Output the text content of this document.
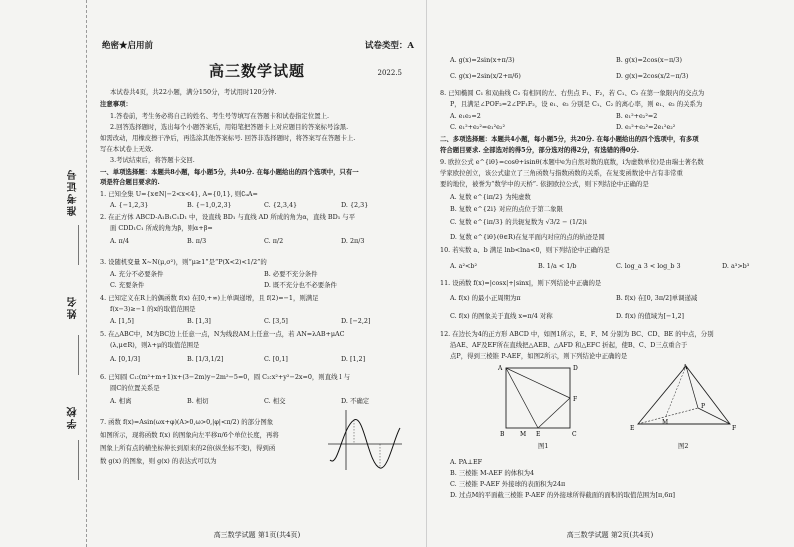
准考证号
姓名
学校
绝密★启用前	试卷类型：A
高三数学试题	2022.5
本试卷共4页，共22小题，满分150分，考试用时120分钟.
注意事项：
1.答卷前，考生务必将自己的姓名、考生号等填写在答题卡和试卷指定位置上.
2.回答选择题时，选出每个小题答案后，用铅笔把答题卡上对应题目的答案标号涂黑.
如需改动，用橡皮擦干净后，再选涂其他答案标号. 回答非选择题时，将答案写在答题卡上.
写在本试卷上无效.
3.考试结束后，将答题卡交回.
一、单项选择题：本题共8小题，每小题5分，共40分. 在每小题给出的四个选项中，只有一
项是符合题目要求的.
1. 已知全集 U={x∈N|−2<x<4}, A={0,1}, 则∁ᵤA=
A. {−1,2,3}	B. {−1,0,2,3}	C. {2,3,4}	D. {2,3}
2. 在正方体 ABCD-A₁B₁C₁D₁ 中，设直线 BD₁ 与直线 AD 所成的角为α，直线 BD₁ 与平
面 CDD₁C₁ 所成的角为β，则α+β=
A. π/4	B. π/3	C. π/2	D. 2π/3
3. 设随机变量 X~N(μ,σ²)，则“μ≥1”是“P(X<2)<1/2”的
A. 充分不必要条件	B. 必要不充分条件
C. 充要条件	D. 既不充分也不必要条件
4. 已知定义在R上的偶函数 f(x) 在[0,+∞)上单调递增，且 f(2)=−1，则满足
f(x−3)≥−1 的x的取值范围是
A. [1,5]	B. [1,3]	C. [3,5]	D. [−2,2]
5. 在△ABC中，M为BC边上任意一点，N为线段AM上任意一点，若 AN=λAB+μAC
(λ,μ∈R)，则λ+μ的取值范围是
A. [0,1/3]	B. [1/3,1/2]	C. [0,1]	D. [1,2]
6. 已知圆 C₁:(m²+m+1)x+(3−2m)y−2m²−5=0，圆 C₂:x²+y²−2x=0，则直线 l 与
圆C的位置关系是
A. 相离	B. 相切	C. 相交	D. 不确定
7. 函数 f(x)=Asin(ωx+φ)(A>0,ω>0,|φ|<π/2) 的部分图象
如图所示，现将函数 f(x) 的图象向左平移π/6个单位长度，再将
图象上所有点的横坐标伸长到原来的2倍(纵坐标不变)，得到函
数 g(x) 的图象，则 g(x) 的表达式可以为
高三数学试题 第1页(共4页)
A. g(x)=2sin(x+π/3)	B. g(x)=2cos(x−π/3)
C. g(x)=2sin(x/2+π/6)	D. g(x)=2cos(x/2−π/3)
8. 已知椭圆 C₁ 和双曲线 C₂ 有相同的左、右焦点 F₁、F₂，若 C₁、C₂ 在第一象限内的交点为
P，且满足∠POF₂=2∠PF₁F₂，设 e₁、e₂ 分别是 C₁、C₂ 的离心率，则 e₁、e₂ 的关系为
A. e₁e₂=2	B. e₁²+e₂²=2
C. e₁²+e₂²=e₁²e₂²	D. e₁²+e₂²=2e₁²e₂²
二、多项选择题：本题共4小题，每小题5分，共20分. 在每小题给出的四个选项中，有多项
符合题目要求. 全部选对的得5分，部分选对的得2分，有选错的得0分.
9. 欧拉公式 e^{iθ}=cosθ+isinθ(本题中e为自然对数的底数，i为虚数单位)是由瑞士著名数
学家欧拉创立，该公式建立了三角函数与指数函数的关系，在复变函数论中占有非常重
要的地位，被誉为“数学中的天桥”. 依据欧拉公式，则下列结论中正确的是
A. 复数 e^{iπ/2} 为纯虚数
B. 复数 e^{2i} 对应的点位于第二象限
C. 复数 e^{iπ/3} 的共轭复数为 √3/2 − (1/2)i
D. 复数 e^{iθ}(θ∈R)在复平面内对应的点的轨迹是圆
10. 若实数 a、b 满足 lnb<lna<0，则下列结论中正确的是
A. a²<b²	B. 1/a < 1/b	C. log_a 3 < log_b 3	D. a³>b³
11. 设函数 f(x)=|cosx|+|sinx|，则下列结论中正确的是
A. f(x) 的最小正周期为π	B. f(x) 在[0, 3π/2]单调递减
C. f(x) 的图象关于直线 x=π/4 对称	D. f(x) 的值域为[−1,2]
12. 在边长为4的正方形 ABCD 中，如图1所示，E、F、M 分别为 BC、CD、BE 的中点，分别
沿AE、AF及EF所在直线把△AEB、△AFD 和△EFC 折起，使B、C、D三点重合于
点P，得到三棱锥 P-AEF，如图2所示，则下列结论中正确的是
A	D
B	M E	C
F
图1
A
P
E	F
M
图2
A. PA⊥EF
B. 三棱锥 M-AEF 的体积为4
C. 三棱锥 P-AEF 外接球的表面积为24π
D. 过点M的平面截三棱锥 P-AEF 的外接球所得截面的面积的取值范围为[π,6π]
高三数学试题 第2页(共4页)
